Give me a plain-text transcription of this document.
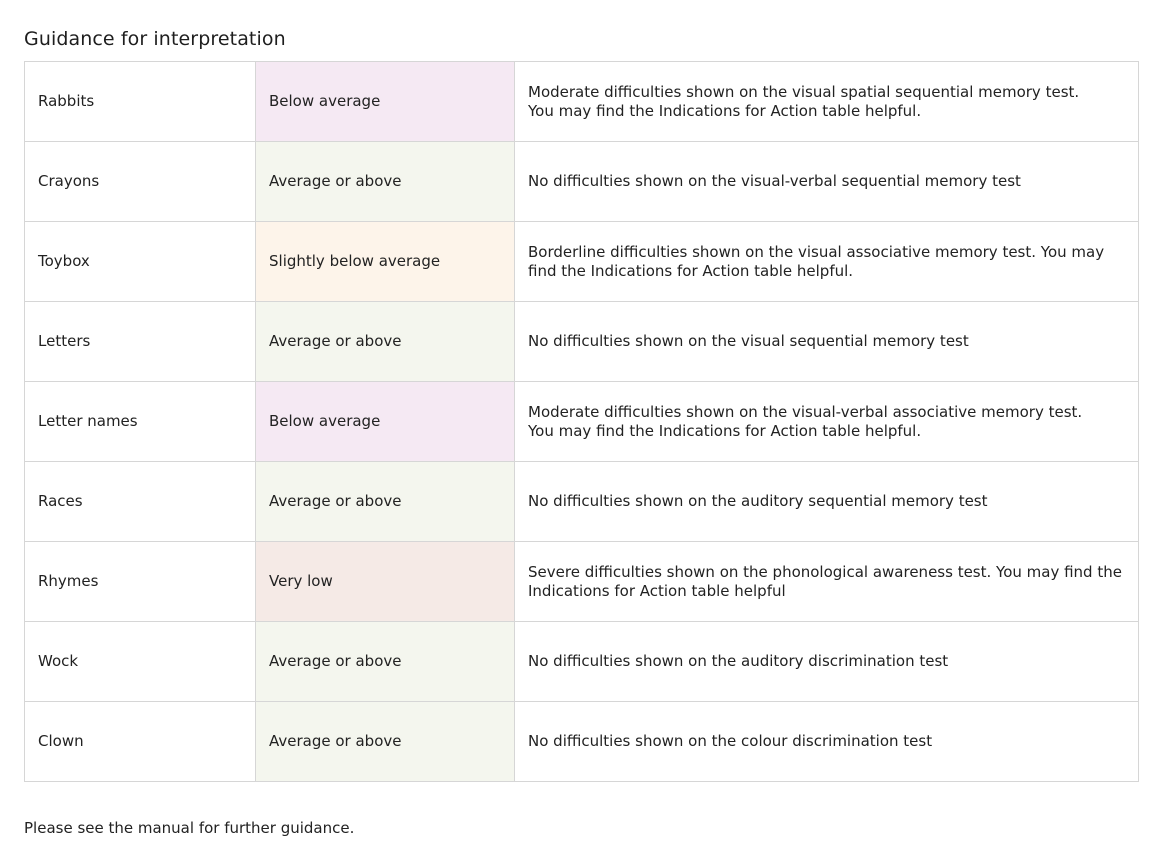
Guidance for interpretation
Rabbits	Below average	Moderate difficulties shown on the visual spatial sequential memory test.
You may find the Indications for Action table helpful.
Crayons	Average or above	No difficulties shown on the visual-verbal sequential memory test
Toybox	Slightly below average	Borderline difficulties shown on the visual associative memory test. You may find the Indications for Action table helpful.
Letters	Average or above	No difficulties shown on the visual sequential memory test
Letter names	Below average	Moderate difficulties shown on the visual-verbal associative memory test.
You may find the Indications for Action table helpful.
Races	Average or above	No difficulties shown on the auditory sequential memory test
Rhymes	Very low	Severe difficulties shown on the phonological awareness test. You may find the Indications for Action table helpful
Wock	Average or above	No difficulties shown on the auditory discrimination test
Clown	Average or above	No difficulties shown on the colour discrimination test

Please see the manual for further guidance.
